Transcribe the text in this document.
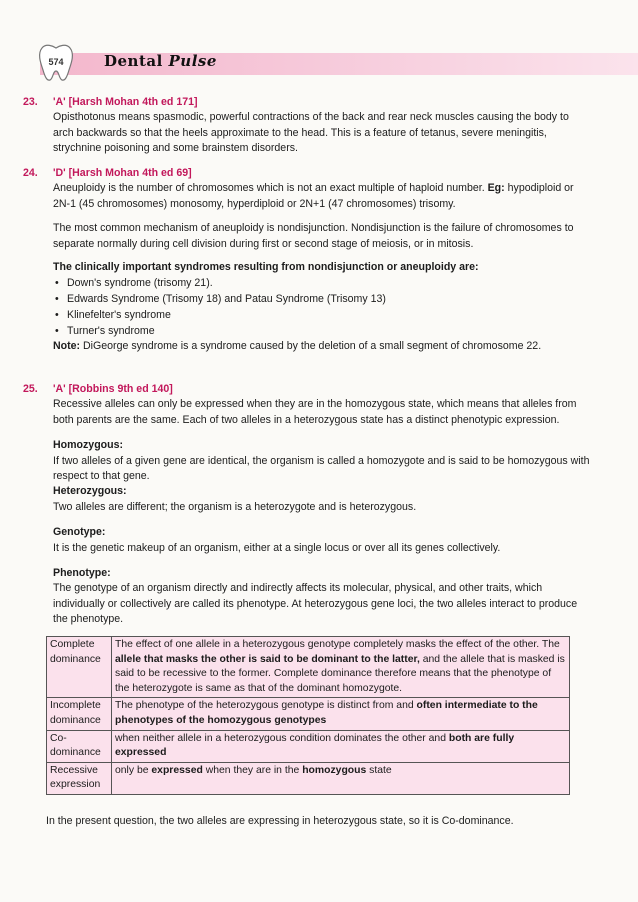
574	Dental Pulse
23. 'A' [Harsh Mohan 4th ed 171]

Opisthotonus means spasmodic, powerful contractions of the back and rear neck muscles causing the body to arch backwards so that the heels approximate to the head. This is a feature of tetanus, severe meningitis, strychnine poisoning and some brainstem disorders.

24. 'D' [Harsh Mohan 4th ed 69]

Aneuploidy is the number of chromosomes which is not an exact multiple of haploid number. Eg: hypodiploid or 2N-1 (45 chromosomes) monosomy, hyperdiploid or 2N+1 (47 chromosomes) trisomy.

The most common mechanism of aneuploidy is nondisjunction. Nondisjunction is the failure of chromosomes to separate normally during cell division during first or second stage of meiosis, or in mitosis.

The clinically important syndromes resulting from nondisjunction or aneuploidy are:

• Down's syndrome (trisomy 21).
• Edwards Syndrome (Trisomy 18) and Patau Syndrome (Trisomy 13)
• Klinefelter's syndrome
• Turner's syndrome

Note: DiGeorge syndrome is a syndrome caused by the deletion of a small segment of chromosome 22.

25. 'A' [Robbins 9th ed 140]

Recessive alleles can only be expressed when they are in the homozygous state, which means that alleles from both parents are the same. Each of two alleles in a heterozygous state has a distinct phenotypic expression.

Homozygous:

If two alleles of a given gene are identical, the organism is called a homozygote and is said to be homozygous with respect to that gene.

Heterozygous:

Two alleles are different; the organism is a heterozygote and is heterozygous.

Genotype:

It is the genetic makeup of an organism, either at a single locus or over all its genes collectively.

Phenotype:

The genotype of an organism directly and indirectly affects its molecular, physical, and other traits, which individually or collectively are called its phenotype. At heterozygous gene loci, the two alleles interact to produce the phenotype.

Complete dominance	The effect of one allele in a heterozygous genotype completely masks the effect of the other. The allele that masks the other is said to be dominant to the latter, and the allele that is masked is said to be recessive to the former. Complete dominance therefore means that the phenotype of the heterozygote is same as that of the dominant homozygote.
Incomplete dominance	The phenotype of the heterozygous genotype is distinct from and often intermediate to the phenotypes of the homozygous genotypes
Co-dominance	when neither allele in a heterozygous condition dominates the other and both are fully expressed
Recessive expression	only be expressed when they are in the homozygous state
In the present question, the two alleles are expressing in heterozygous state, so it is Co-dominance.
